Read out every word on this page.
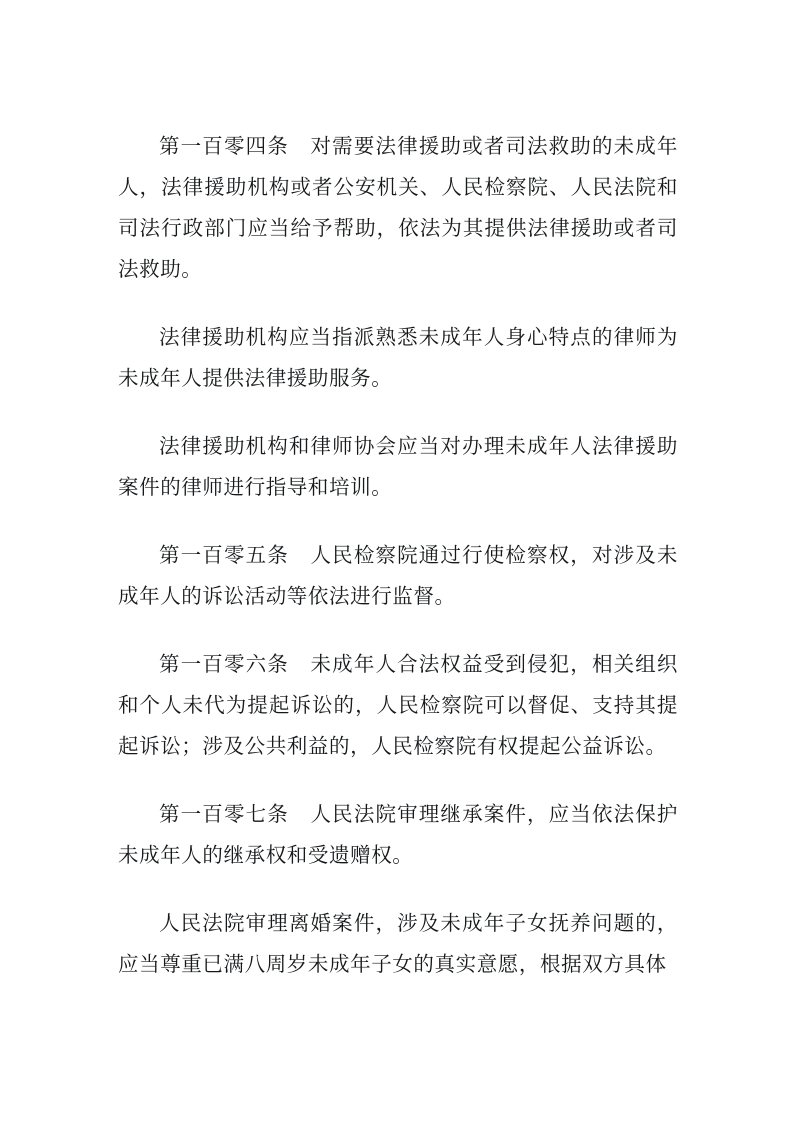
第一百零四条　对需要法律援助或者司法救助的未成年人，法律援助机构或者公安机关、人民检察院、人民法院和司法行政部门应当给予帮助，依法为其提供法律援助或者司法救助。

法律援助机构应当指派熟悉未成年人身心特点的律师为未成年人提供法律援助服务。

法律援助机构和律师协会应当对办理未成年人法律援助案件的律师进行指导和培训。

第一百零五条　人民检察院通过行使检察权，对涉及未成年人的诉讼活动等依法进行监督。

第一百零六条　未成年人合法权益受到侵犯，相关组织和个人未代为提起诉讼的，人民检察院可以督促、支持其提起诉讼；涉及公共利益的，人民检察院有权提起公益诉讼。

第一百零七条　人民法院审理继承案件，应当依法保护未成年人的继承权和受遗赠权。

人民法院审理离婚案件，涉及未成年子女抚养问题的，应当尊重已满八周岁未成年子女的真实意愿，根据双方具体
